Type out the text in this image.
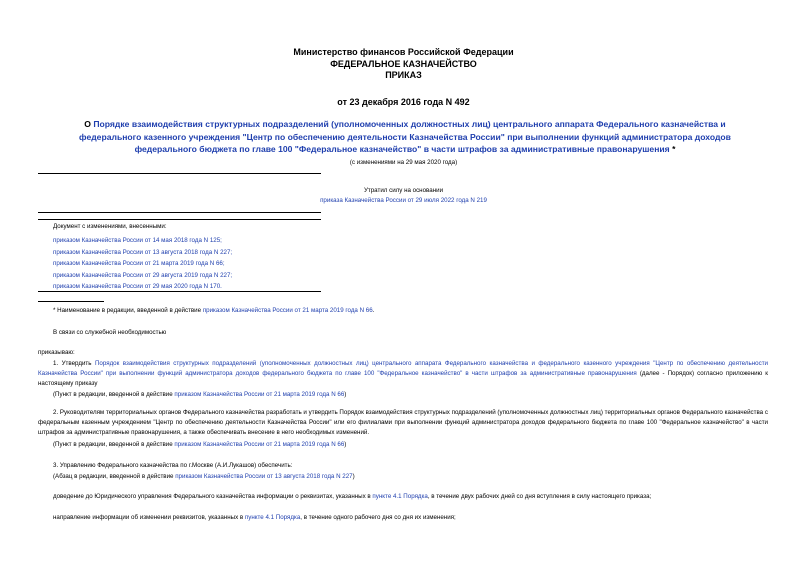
Министерство финансов Российской Федерации
ФЕДЕРАЛЬНОЕ КАЗНАЧЕЙСТВО
ПРИКАЗ
от 23 декабря 2016 года N 492
О Порядке взаимодействия структурных подразделений (уполномоченных должностных лиц) центрального аппарата Федерального казначейства и федерального казенного учреждения "Центр по обеспечению деятельности Казначейства России" при выполнении функций администратора доходов федерального бюджета по главе 100 "Федеральное казначейство" в части штрафов за административные правонарушения *
(с изменениями на 29 мая 2020 года)
Утратил силу на основании
приказа Казначейства России от 29 июля 2022 года N 219
Документ с изменениями, внесенными:
приказом Казначейства России от 14 мая 2018 года N 125;
приказом Казначейства России от 13 августа 2018 года N 227;
приказом Казначейства России от 21 марта 2019 года N 66;
приказом Казначейства России от 29 августа 2019 года N 227;
приказом Казначейства России от 29 мая 2020 года N 170.
* Наименование в редакции, введенной в действие приказом Казначейства России от 21 марта 2019 года N 66.
В связи со служебной необходимостью
приказываю:
1. Утвердить Порядок взаимодействия структурных подразделений (уполномоченных должностных лиц) центрального аппарата Федерального казначейства и федерального казенного учреждения "Центр по обеспечению деятельности Казначейства России" при выполнении функций администратора доходов федерального бюджета по главе 100 "Федеральное казначейство" в части штрафов за административные правонарушения (далее - Порядок) согласно приложению к настоящему приказу
(Пункт в редакции, введенной в действие приказом Казначейства России от 21 марта 2019 года N 66)
2. Руководителям территориальных органов Федерального казначейства разработать и утвердить Порядок взаимодействия структурных подразделений (уполномоченных должностных лиц) территориальных органов Федерального казначейства с федеральным казенным учреждением "Центр по обеспечению деятельности Казначейства России" или его филиалами при выполнении функций администратора доходов федерального бюджета по главе 100 "Федеральное казначейство" в части штрафов за административные правонарушения, а также обеспечивать внесение в него необходимых изменений.
(Пункт в редакции, введенной в действие приказом Казначейства России от 21 марта 2019 года N 66)
3. Управлению Федерального казначейства по г.Москве (А.И.Лукашов) обеспечить:
(Абзац в редакции, введенной в действие приказом Казначейства России от 13 августа 2018 года N 227)
доведение до Юридического управления Федерального казначейства информации о реквизитах, указанных в пункте 4.1 Порядка, в течение двух рабочих дней со дня вступления в силу настоящего приказа;
направление информации об изменении реквизитов, указанных в пункте 4.1 Порядка, в течение одного рабочего дня со дня их изменения;
